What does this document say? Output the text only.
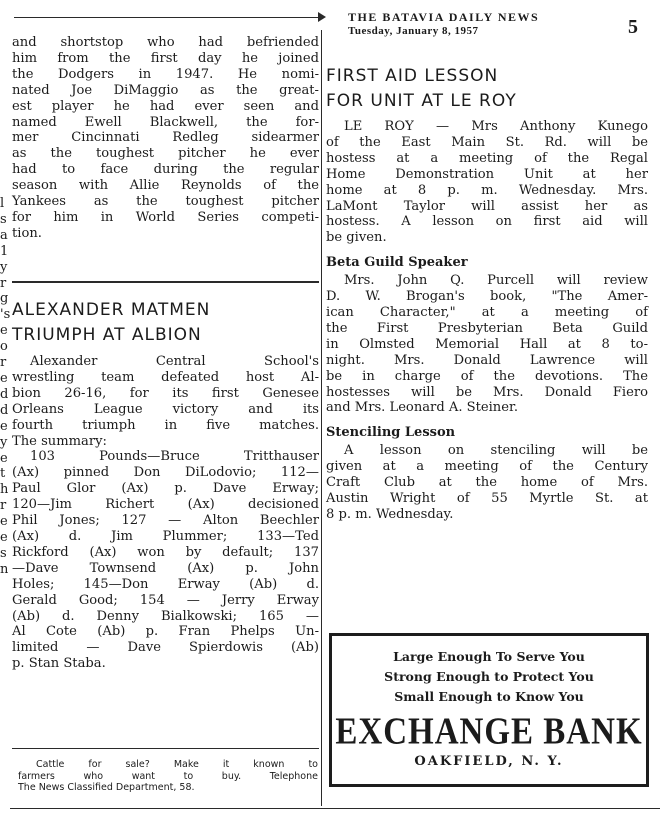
THE BATAVIA DAILY NEWS
Tuesday, January 8, 1957	5
l
s
a
1
y
r
g
's
e
o
r
e
d
d
e
y
e
t
h
r
e
e
s
n

and shortstop who had befriended

him from the first day he joined

the Dodgers in 1947. He nomi-

nated Joe DiMaggio as the great-

est player he had ever seen and

named Ewell Blackwell, the for-

mer Cincinnati Redleg sidearmer

as the toughest pitcher he ever

had to face during the regular

season with Allie Reynolds of the

Yankees as the toughest pitcher

for him in World Series competi-

tion.

ALEXANDER MATMEN

TRIUMPH AT ALBION

Alexander Central School's

wrestling team defeated host Al-

bion 26-16, for its first Genesee

Orleans League victory and its

fourth triumph in five matches.

The summary:

103 Pounds—Bruce Tritthauser

(Ax) pinned Don DiLodovio; 112—

Paul Glor (Ax) p. Dave Erway;

120—Jim Richert (Ax) decisioned

Phil Jones; 127 — Alton Beechler

(Ax) d. Jim Plummer; 133—Ted

Rickford (Ax) won by default; 137

—Dave Townsend (Ax) p. John

Holes; 145—Don Erway (Ab) d.

Gerald Good; 154 — Jerry Erway

(Ab) d. Denny Bialkowski; 165 —

Al Cote (Ab) p. Fran Phelps Un-

limited — Dave Spierdowis (Ab)

p. Stan Staba.

Cattle for sale? Make it known to

farmers who want to buy. Telephone

The News Classified Department, 58.

FIRST AID LESSON

FOR UNIT AT LE ROY

LE ROY — Mrs Anthony Kunego

of the East Main St. Rd. will be

hostess at a meeting of the Regal

Home Demonstration Unit at her

home at 8 p. m. Wednesday. Mrs.

LaMont Taylor will assist her as

hostess. A lesson on first aid will

be given.

Beta Guild Speaker

Mrs. John Q. Purcell will review

D. W. Brogan's book, "The Amer-

ican Character," at a meeting of

the First Presbyterian Beta Guild

in Olmsted Memorial Hall at 8 to-

night. Mrs. Donald Lawrence will

be in charge of the devotions. The

hostesses will be Mrs. Donald Fiero

and Mrs. Leonard A. Steiner.

Stenciling Lesson

A lesson on stenciling will be

given at a meeting of the Century

Craft Club at the home of Mrs.

Austin Wright of 55 Myrtle St. at

8 p. m. Wednesday.

Large Enough To Serve You
Strong Enough to Protect You
Small Enough to Know You
EXCHANGE BANK
OAKFIELD, N. Y.
